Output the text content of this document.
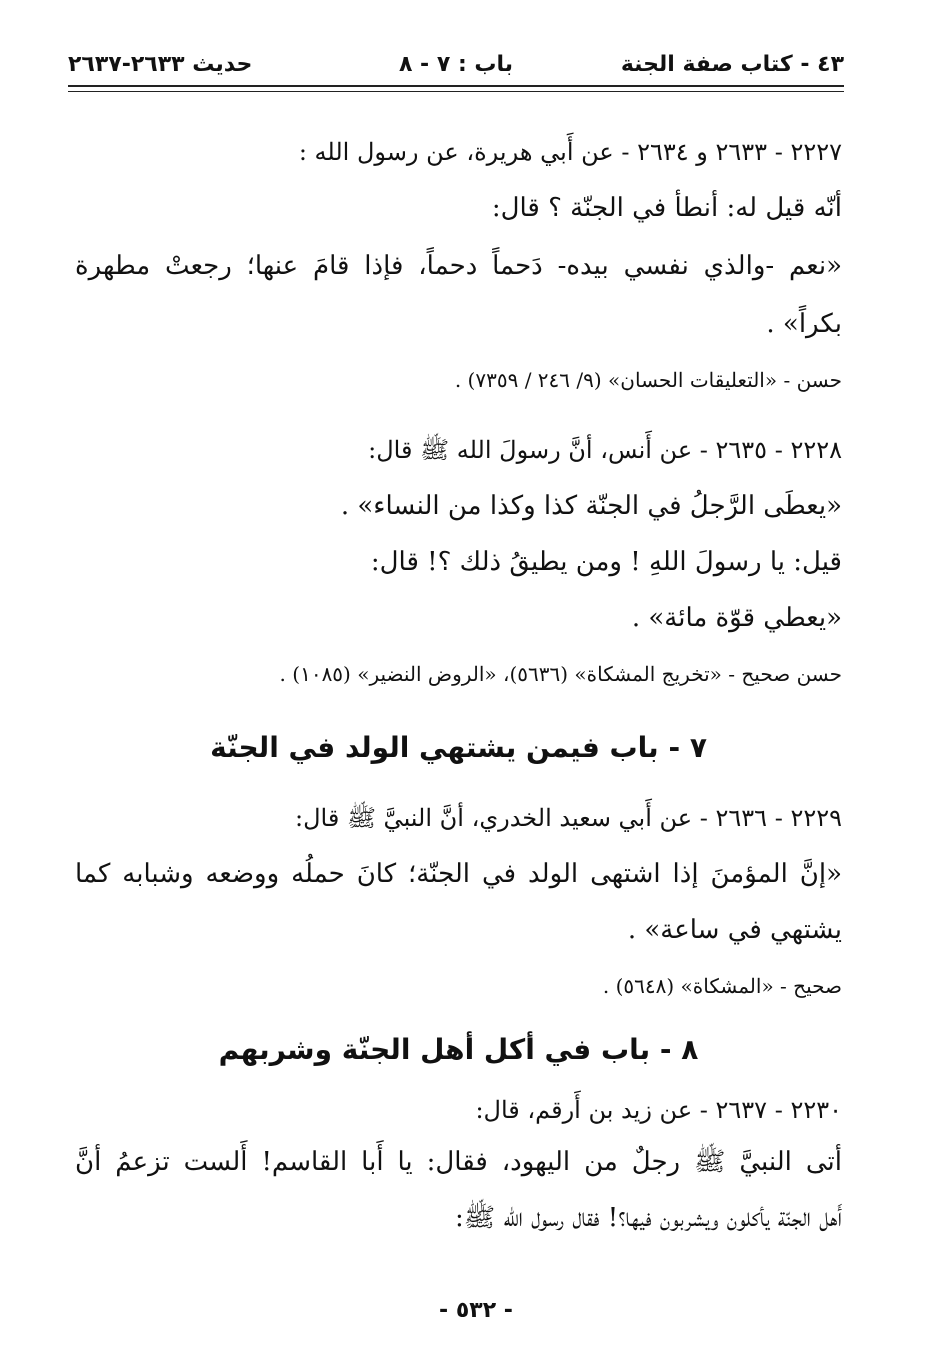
٤٣ - كتاب صفة الجنة
باب : ٧ - ٨
حديث ٢٦٣٣-٢٦٣٧
٢٢٢٧ - ٢٦٣٣ و ٢٦٣٤ - عن أَبي هريرة، عن رسول الله :
أنّه قيل له: أنطأ في الجنّة ؟ قال:
«نعم -والذي نفسي بيده- دَحماً دحماً، فإذا قامَ عنها؛ رجعتْ مطهرة
بكراً» .
حسن - «التعليقات الحسان» (٩/ ٢٤٦ / ٧٣٥٩) .
٢٢٢٨ - ٢٦٣٥ - عن أَنس، أنَّ رسولَ الله ﷺ قال:
«يعطَى الرَّجلُ في الجنّة كذا وكذا من النساء» .
قيل: يا رسولَ اللهِ ! ومن يطيقُ ذلك ؟! قال:
«يعطي قوّة مائة» .
حسن صحيح - «تخريج المشكاة» (٥٦٣٦)، «الروض النضير» (١٠٨٥) .
٧ - باب فيمن يشتهي الولد في الجنّة
٢٢٢٩ - ٢٦٣٦ - عن أَبي سعيد الخدري، أنَّ النبيَّ ﷺ قال:
«إنَّ المؤمنَ إذا اشتهى الولد في الجنّة؛ كانَ حملُه ووضعه وشبابه كما
يشتهي في ساعة» .
صحيح - «المشكاة» (٥٦٤٨) .
٨ - باب في أكل أهل الجنّة وشربهم
٢٢٣٠ - ٢٦٣٧ - عن زيد بن أَرقم، قال:
أتى النبيَّ ﷺ رجلٌ من اليهود، فقال: يا أَبا القاسم! أَلست تزعمُ أنَّ
أَهل الجنّة يأكلون ويشربون فيها؟! فقال رسول الله ﷺ:
- ٥٣٢ -
